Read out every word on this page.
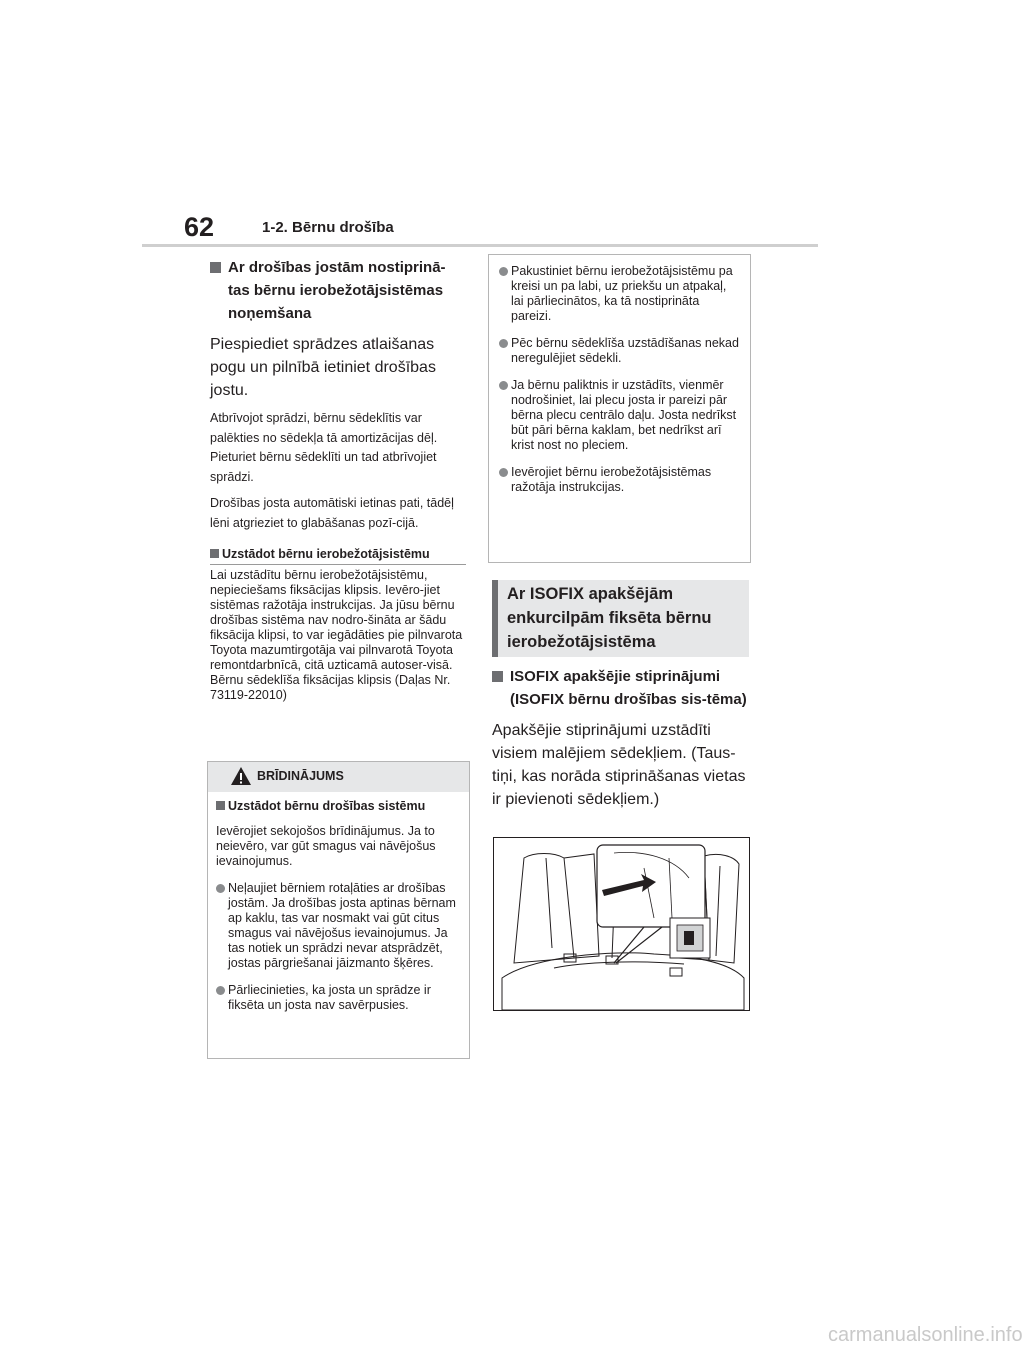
62	1-2. Bērnu drošība
Ar drošības jostām nostiprinā-tas bērnu ierobežotājsistēmas noņemšana

Piespiediet sprādzes atlaišanas pogu un pilnībā ietiniet drošības jostu.

Atbrīvojot sprādzi, bērnu sēdeklītis var palēkties no sēdekļa tā amortizācijas dēļ. Pieturiet bērnu sēdeklīti un tad atbrīvojiet sprādzi.

Drošības josta automātiski ietinas pati, tādēļ lēni atgrieziet to glabāšanas pozī-cijā.

Uzstādot bērnu ierobežotājsistēmu

Lai uzstādītu bērnu ierobežotājsistēmu, nepieciešams fiksācijas klipsis. Ievēro-jiet sistēmas ražotāja instrukcijas. Ja jūsu bērnu drošības sistēma nav nodro-šināta ar šādu fiksācija klipsi, to var iegādāties pie pilnvarota Toyota mazumtirgotāja vai pilnvarotā Toyota remontdarbnīcā, citā uzticamā autoser-visā. Bērnu sēdeklīša fiksācijas klipsis (Daļas Nr. 73119-22010)

BRĪDINĀJUMS
Uzstādot bērnu drošības sistēmu

Ievērojiet sekojošos brīdinājumus. Ja to neievēro, var gūt smagus vai nāvējošus ievainojumus.

Neļaujiet bērniem rotaļāties ar drošības jostām. Ja drošības josta aptinas bērnam ap kaklu, tas var nosmakt vai gūt citus smagus vai nāvējošus ievainojumus. Ja tas notiek un sprādzi nevar atsprādzēt, jostas pārgriešanai jāizmanto šķēres.
Pārliecinieties, ka josta un sprādze ir fiksēta un josta nav savērpusies.
Pakustiniet bērnu ierobežotājsistēmu pa kreisi un pa labi, uz priekšu un atpakaļ, lai pārliecinātos, ka tā nostiprināta pareizi.
Pēc bērnu sēdeklīša uzstādīšanas nekad neregulējiet sēdekli.
Ja bērnu paliktnis ir uzstādīts, vienmēr nodrošiniet, lai plecu josta ir pareizi pār bērna plecu centrālo daļu. Josta nedrīkst būt pāri bērna kaklam, bet nedrīkst arī krist nost no pleciem.
Ievērojiet bērnu ierobežotājsistēmas ražotāja instrukcijas.
Ar ISOFIX apakšējām enkurcilpām fiksēta bērnu ierobežotājsistēma
ISOFIX apakšējie stiprinājumi (ISOFIX bērnu drošības sis-tēma)

Apakšējie stiprinājumi uzstādīti visiem malējiem sēdekļiem. (Taus-tiņi, kas norāda stiprināšanas vietas ir pievienoti sēdekļiem.)

carmanualsonline.info
